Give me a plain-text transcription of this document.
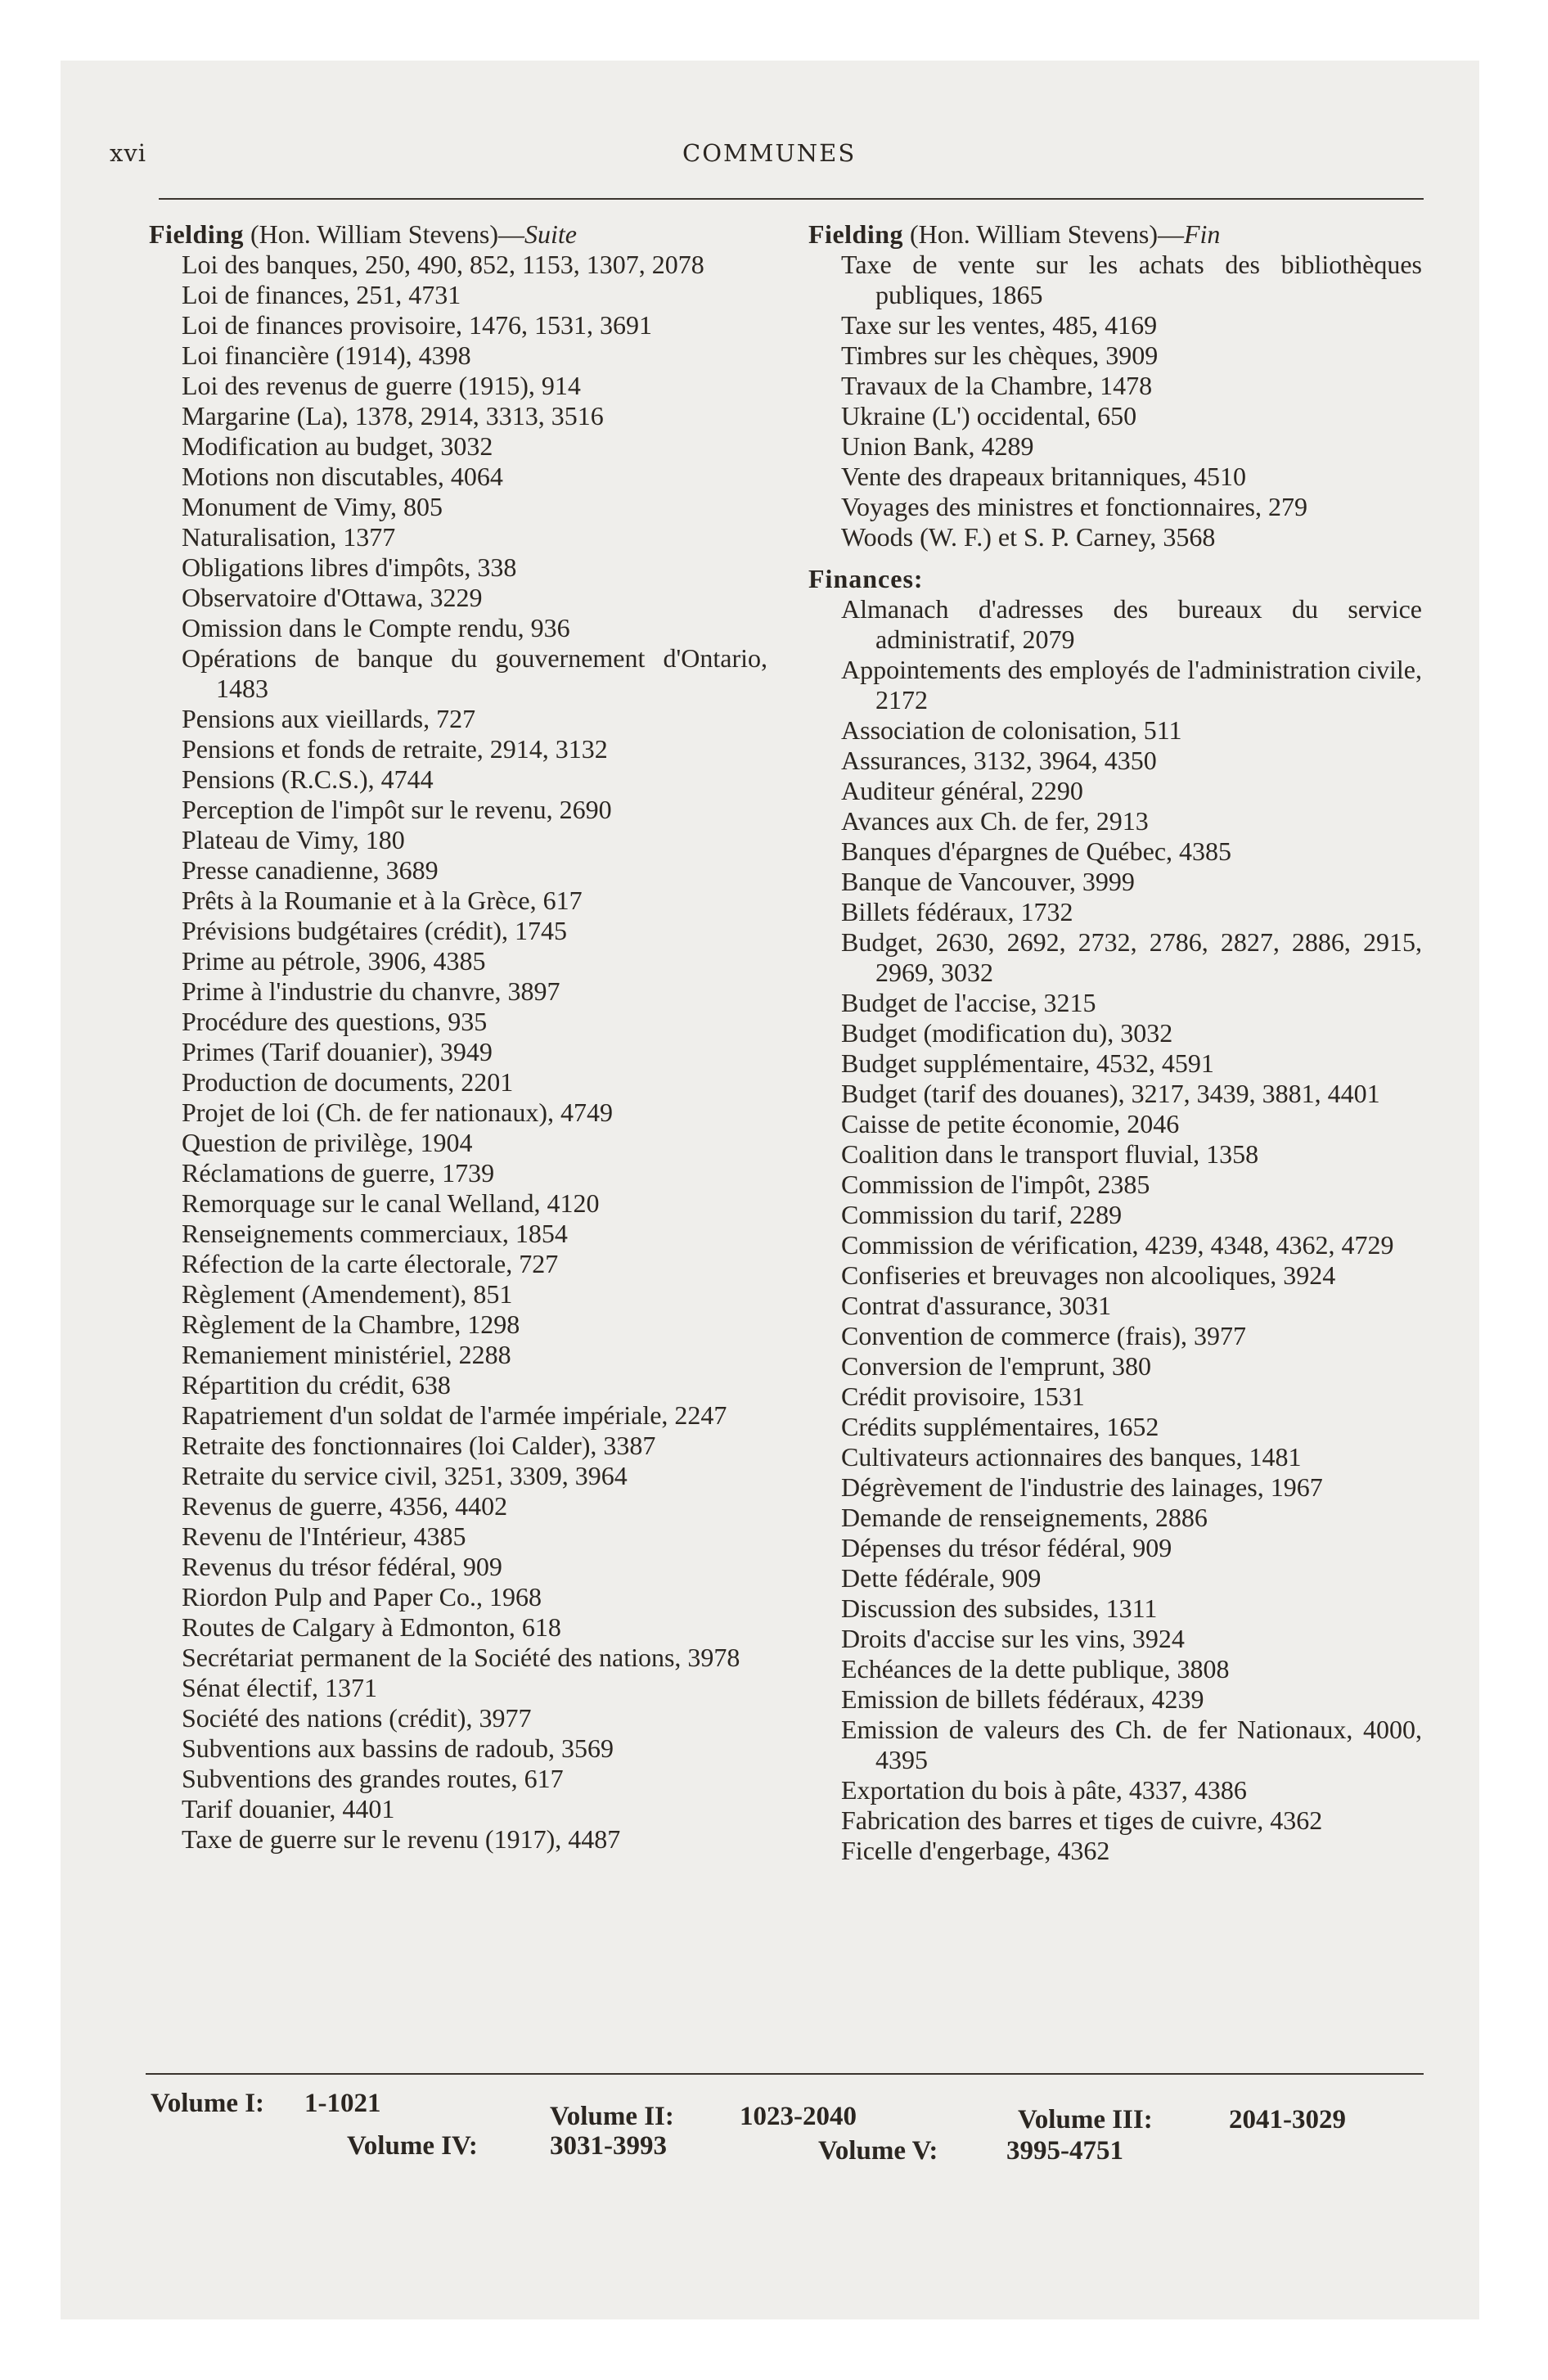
xvi	COMMUNES

Fielding (Hon. William Stevens)—Suite

Loi des banques, 250, 490, 852, 1153, 1307, 2078

Loi de finances, 251, 4731

Loi de finances provisoire, 1476, 1531, 3691

Loi financière (1914), 4398

Loi des revenus de guerre (1915), 914

Margarine (La), 1378, 2914, 3313, 3516

Modification au budget, 3032

Motions non discutables, 4064

Monument de Vimy, 805

Naturalisation, 1377

Obligations libres d'impôts, 338

Observatoire d'Ottawa, 3229

Omission dans le Compte rendu, 936

Opérations de banque du gouvernement d'Ontario, 1483

Pensions aux vieillards, 727

Pensions et fonds de retraite, 2914, 3132

Pensions (R.C.S.), 4744

Perception de l'impôt sur le revenu, 2690

Plateau de Vimy, 180

Presse canadienne, 3689

Prêts à la Roumanie et à la Grèce, 617

Prévisions budgétaires (crédit), 1745

Prime au pétrole, 3906, 4385

Prime à l'industrie du chanvre, 3897

Procédure des questions, 935

Primes (Tarif douanier), 3949

Production de documents, 2201

Projet de loi (Ch. de fer nationaux), 4749

Question de privilège, 1904

Réclamations de guerre, 1739

Remorquage sur le canal Welland, 4120

Renseignements commerciaux, 1854

Réfection de la carte électorale, 727

Règlement (Amendement), 851

Règlement de la Chambre, 1298

Remaniement ministériel, 2288

Répartition du crédit, 638

Rapatriement d'un soldat de l'armée impériale, 2247

Retraite des fonctionnaires (loi Calder), 3387

Retraite du service civil, 3251, 3309, 3964

Revenus de guerre, 4356, 4402

Revenu de l'Intérieur, 4385

Revenus du trésor fédéral, 909

Riordon Pulp and Paper Co., 1968

Routes de Calgary à Edmonton, 618

Secrétariat permanent de la Société des nations, 3978

Sénat électif, 1371

Société des nations (crédit), 3977

Subventions aux bassins de radoub, 3569

Subventions des grandes routes, 617

Tarif douanier, 4401

Taxe de guerre sur le revenu (1917), 4487

Fielding (Hon. William Stevens)—Fin

Taxe de vente sur les achats des bibliothèques publiques, 1865

Taxe sur les ventes, 485, 4169

Timbres sur les chèques, 3909

Travaux de la Chambre, 1478

Ukraine (L') occidental, 650

Union Bank, 4289

Vente des drapeaux britanniques, 4510

Voyages des ministres et fonctionnaires, 279

Woods (W. F.) et S. P. Carney, 3568

Finances:

Almanach d'adresses des bureaux du service administratif, 2079

Appointements des employés de l'administration civile, 2172

Association de colonisation, 511

Assurances, 3132, 3964, 4350

Auditeur général, 2290

Avances aux Ch. de fer, 2913

Banques d'épargnes de Québec, 4385

Banque de Vancouver, 3999

Billets fédéraux, 1732

Budget, 2630, 2692, 2732, 2786, 2827, 2886, 2915, 2969, 3032

Budget de l'accise, 3215

Budget (modification du), 3032

Budget supplémentaire, 4532, 4591

Budget (tarif des douanes), 3217, 3439, 3881, 4401

Caisse de petite économie, 2046

Coalition dans le transport fluvial, 1358

Commission de l'impôt, 2385

Commission du tarif, 2289

Commission de vérification, 4239, 4348, 4362, 4729

Confiseries et breuvages non alcooliques, 3924

Contrat d'assurance, 3031

Convention de commerce (frais), 3977

Conversion de l'emprunt, 380

Crédit provisoire, 1531

Crédits supplémentaires, 1652

Cultivateurs actionnaires des banques, 1481

Dégrèvement de l'industrie des lainages, 1967

Demande de renseignements, 2886

Dépenses du trésor fédéral, 909

Dette fédérale, 909

Discussion des subsides, 1311

Droits d'accise sur les vins, 3924

Echéances de la dette publique, 3808

Emission de billets fédéraux, 4239

Emission de valeurs des Ch. de fer Nationaux, 4000, 4395

Exportation du bois à pâte, 4337, 4386

Fabrication des barres et tiges de cuivre, 4362

Ficelle d'engerbage, 4362

Volume I: 1-1021	Volume II: 1023-2040	Volume III:	2041-3029
Volume IV:	3031-3993	Volume V:	3995-4751
